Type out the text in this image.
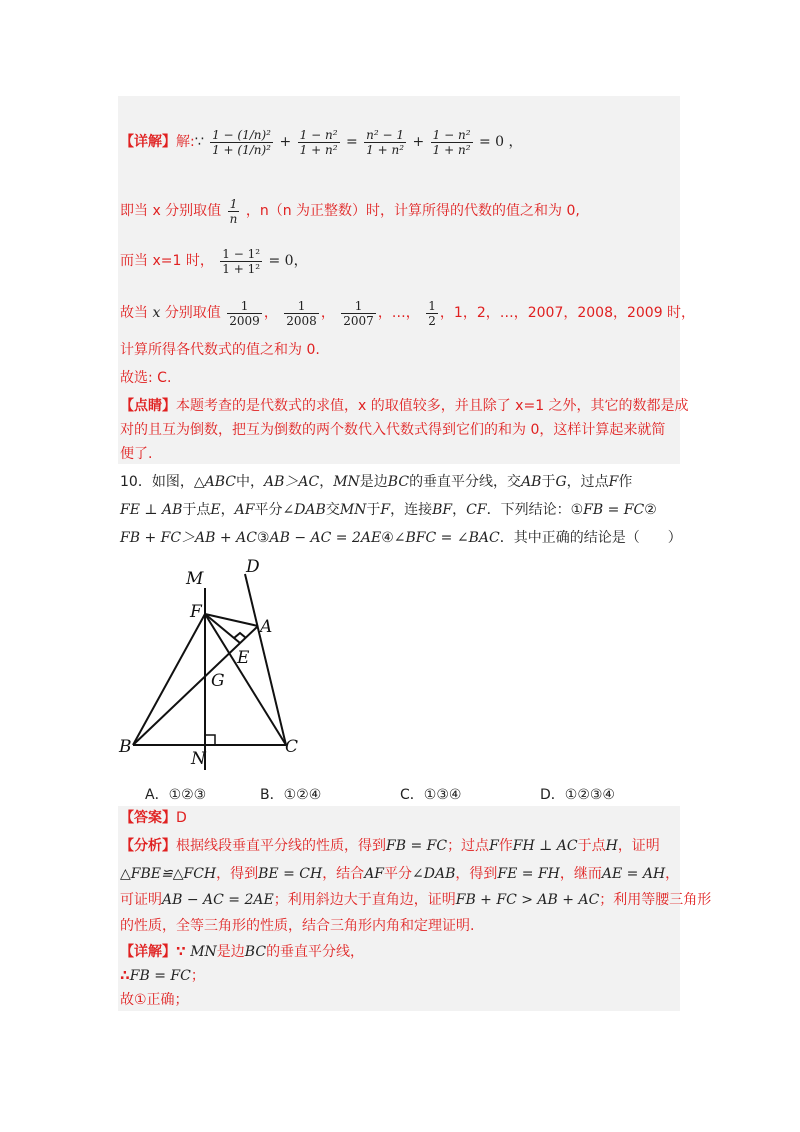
【详解】解:∵ $\frac{\text{1 − (1/n)²}}{\text{1 + (1/n)²}} + \frac{\text{1 − n²}}{\text{1 + n²}} = \frac{\text{n² − 1}}{\text{1 + n²}} + \frac{\text{1 − n²}}{\text{1 + n²}} = 0$ ，
即当 x 分别取值 $\frac{1}{n}$ ，n（n 为正整数）时，计算所得的代数的值之和为 0,
而当 x=1 时， $\frac{\text{1 − 1²}}{\text{1 + 1²}} = 0$，
故当 x 分别取值 $\frac{1}{2009}$ ， $\frac{1}{2008}$ ， $\frac{1}{2007}$ ，…， $\frac{1}{2}$ ，1，2，…，2007，2008，2009 时，
计算所得各代数式的值之和为 0.
故选: C.
【点睛】本题考查的是代数式的求值，x 的取值较多，并且除了 x=1 之外，其它的数都是成
对的且互为倒数，把互为倒数的两个数代入代数式得到它们的和为 0，这样计算起来就简
便了.
10．如图，△ABC中，AB＞AC，MN是边BC的垂直平分线，交AB于G，过点F作
FE ⊥ AB于点E，AF平分∠DAB交MN于F，连接BF，CF．下列结论：①FB = FC②
FB + FC＞AB + AC③AB − AC = 2AE④∠BFC = ∠BAC．其中正确的结论是（　　）
M
D
F
A
E
G
B
N
C
A．①②③	B．①②④	C．①③④	D．①②③④
【答案】D
【分析】根据线段垂直平分线的性质，得到FB = FC；过点F作FH ⊥ AC于点H，证明
△FBE≌△FCH，得到BE = CH，结合AF平分∠DAB，得到FE = FH，继而AE = AH，
可证明AB − AC = 2AE；利用斜边大于直角边，证明FB + FC > AB + AC；利用等腰三角形
的性质，全等三角形的性质，结合三角形内角和定理证明.
【详解】∵ MN是边BC的垂直平分线，
∴FB = FC；
故①正确；
